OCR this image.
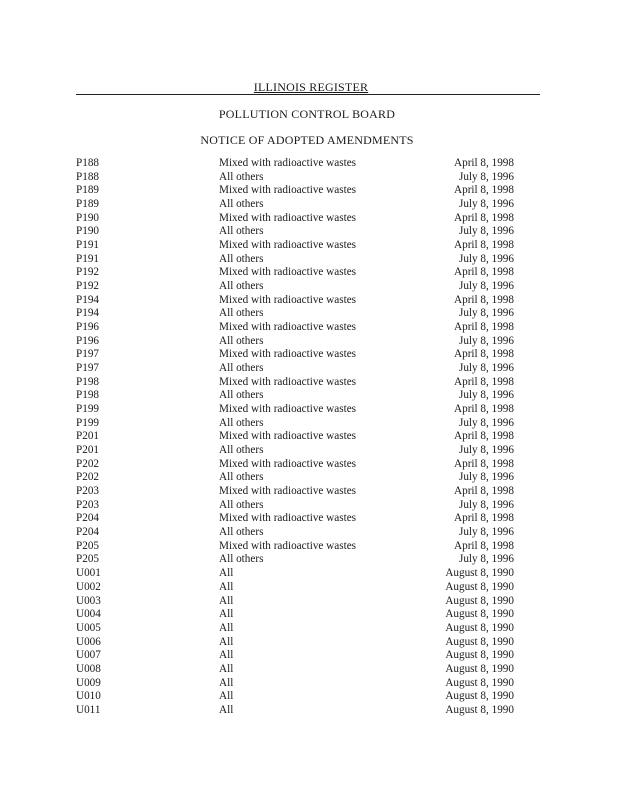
ILLINOIS REGISTER
POLLUTION CONTROL BOARD
NOTICE OF ADOPTED AMENDMENTS
P188	Mixed with radioactive wastes	April 8, 1998
P188	All others	July 8, 1996
P189	Mixed with radioactive wastes	April 8, 1998
P189	All others	July 8, 1996
P190	Mixed with radioactive wastes	April 8, 1998
P190	All others	July 8, 1996
P191	Mixed with radioactive wastes	April 8, 1998
P191	All others	July 8, 1996
P192	Mixed with radioactive wastes	April 8, 1998
P192	All others	July 8, 1996
P194	Mixed with radioactive wastes	April 8, 1998
P194	All others	July 8, 1996
P196	Mixed with radioactive wastes	April 8, 1998
P196	All others	July 8, 1996
P197	Mixed with radioactive wastes	April 8, 1998
P197	All others	July 8, 1996
P198	Mixed with radioactive wastes	April 8, 1998
P198	All others	July 8, 1996
P199	Mixed with radioactive wastes	April 8, 1998
P199	All others	July 8, 1996
P201	Mixed with radioactive wastes	April 8, 1998
P201	All others	July 8, 1996
P202	Mixed with radioactive wastes	April 8, 1998
P202	All others	July 8, 1996
P203	Mixed with radioactive wastes	April 8, 1998
P203	All others	July 8, 1996
P204	Mixed with radioactive wastes	April 8, 1998
P204	All others	July 8, 1996
P205	Mixed with radioactive wastes	April 8, 1998
P205	All others	July 8, 1996
U001	All	August 8, 1990
U002	All	August 8, 1990
U003	All	August 8, 1990
U004	All	August 8, 1990
U005	All	August 8, 1990
U006	All	August 8, 1990
U007	All	August 8, 1990
U008	All	August 8, 1990
U009	All	August 8, 1990
U010	All	August 8, 1990
U011	All	August 8, 1990
